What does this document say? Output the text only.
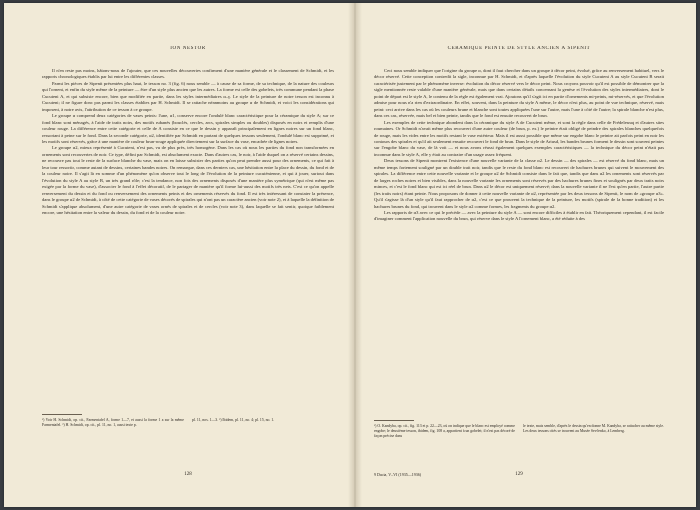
ION NESTOR

Il n'en reste pas moins, hâtons-nous de l'ajouter, que ces nouvelles découvertes confirment d'une manière générale et le classement de Schmidt, et les rapports chronologiques établis par lui entre les différentes classes.

Parmi les pièces de Sipenit présentées plus haut, le tesson no. 3 (fig. 6) nous semble — à cause de sa forme, de sa technique, de la nature des couleurs qui l'ornent, et enfin du style même de la peinture — être d'un style plus ancien que les autres. La forme est celle des gobelets, très commune pendant la phase Cucuteni A, et qui subsiste encore, bien que modifiée en partie, dans les styles intermédiaires α–γ. Le style de la peinture de notre tesson est inconnu à Cucuteni; il ne figure donc pas parmi les classes établies par H. Schmidt. Il se rattache néanmoins au groupe α de Schmidt, et voici les considérations qui imposent, à notre avis, l'attribution de ce tesson à ce groupe.

Le groupe α comprend deux catégories de vases peints: l'une, α1, conserve encore l'ondulé blanc caractéristique pour la céramique du style A; sur ce fond blanc sont ménagés, à l'aide de traits noirs, des motifs rubanés (bouclés, cercles, arcs, spirales simples ou doubles) disposés en noirs et remplis d'une couleur rouge. La différence entre cette catégorie et celle de A consiste en ce que le dessin y apparaît principalement en lignes noires sur un fond blanc, ressortant à peine sur le fond. Dans la seconde catégorie, α2, identifiée par Schmidt en partant de quelques tessons seulement, l'ondulé blanc est supprimé, et les motifs sont réservés, grâce à une manière de couleur brun-rouge appliquée directement sur la surface du vase, encadrée de lignes noires.

Le groupe α2, mieux représenté à Cucuteni, n'est pas, vu de plus près, très homogène. Dans les cas où nous les parties du fond non transformées en ornements sont recouvertes de noir. Ce type, défini par Schmidt, est absolument exacte. Dans d'autres cas, le noir, à l'aide duquel on a réservé certains dessins, ne recouvre pas tout le reste de la surface blanche du vase, mais on en laisse subsister des parties qu'on peut prendre aussi pour des ornements, ce qui fait à leur tour ressortir, comme autant de dessins, certaines bandes noires. On remarque, dans ces derniers cas, une hésitation entre la place du dessin, du fond et de la couleur noire. Il s'agit là en somme d'un phénomène qu'on observe tout le long de l'évolution de la peinture cucuténienne, et qui à jouer, surtout dans l'évolution du style A au style B, un très grand rôle; c'est la tendance, non fois des ornements disposés d'une manière plus symétrique (qui n'est même pas exigée par la forme du vase), d'associer le fond à l'effet décoratif, de le partager de manière qu'il forme lui-aussi des motifs très nets. C'est ce qu'on appelle renversement du dessin et du fond ou renversement des ornements peints et des ornements réservés du fond. Il est très intéressant de constater la présence, dans le groupe α2 de Schmidt, à côté de cette catégorie de vases décorés de spirales qui n'ont pas un caractère ancien (voir note 2), et à laquelle la définition de Schmidt s'applique absolument, d'une autre catégorie de vases ornés de spirales et de cercles (voir note 3), dans laquelle se fait sentir, quoique faiblement encore, une hésitation entre la valeur du dessin, du fond et de la couleur noire.

¹) Voir H. Schmidt, op. cit., Farmentafel A, forme 1—7, et aussi la forme 1 a sur la même Farmentafel. ²) H. Schmidt, op. cit., pl. 11, no. 1, aussi texte p.

pl. 11, nos. 1—3. ³) Ibidem, pl. 11, no. 4; pl. 15, no. 1.

128
CÉRAMIQUE PEINTE DE STYLE ANCIEN À SIPENIT

Ceci nous semble indiquer que l'origine du groupe α, dont il faut chercher dans un groupe à décor peint, évolué, grâce au renversement habituel, vers le décor réservé. Cette conception contredit la sigle, inconnue par H. Schmidt, et d'après laquelle l'évolution du style Cucuteni A au style Cucuteni B serait caractérisée justement par le phénomène inverse: évolution du décor réservé vers le décor peint. Nous croyons pouvoir qu'il est possible de démontrer que la sigle mentionnée reste valable d'une manière générale, mais que dans certains détails concernant la genèse et l'évolution des styles intermédiaires, dont le point de départ est le style A, le contenu de la règle est également vrai. Ajoutons qu'il s'agit ici en partie d'ornements mi-peints, mi-réservés, et que l'évolution admise pour nous n'a rien d'extraordinaire. En effet, souvent, dans la peinture du style A même, le décor n'est plus, au point de vue technique, réservé, mais peint: ceci arrive dans les cas où les couleurs brune et blanche sont toutes appliquées l'une sur l'autre, mais l'une à côté de l'autre; la spirale blanche n'est plus, dans ces cas, réservée, mais bel et bien peinte, tandis que le fond est ensuite recouvert de brun.

Les exemples de cette technique abondent dans la céramique du style A de Cucuteni même, et sont la règle dans celle de Frédelesnaţ et d'autres sites roumaines. Or Schmidt n'avait même plus recouvert d'une autre couleur (de brun, p. ex.) le peintre était obligé de peindre des spirales blanches quelquefois de rouge, mais les vides entre les motifs restant le vase extérieur. Mais il est aussi possible que même sur engobe blanc le peintre ait parfois peint en noir les contours des spirales et qu'il ait seulement ensuite recouvert le fond de brun. Dans le style de Ariusd, les bandes brunes forment le dessin sont souvent peintes sur l'engobe blanc du vase, de là voit — et nous avons réussi également quelques exemples caractéristiques — la technique du décor peint n'était pas inconnue dans le style A, elle y était au contraire d'un usage assez fréquent.

Deux tessons de Sipenit montrent l'existence d'une nouvelle variante de la classe α2. Le dessin — des spirales — est réservé du fond blanc, mais un même temps fortement souligné par un double trait noir, tandis que le reste du fond blanc est recouvert de hachures brunes qui suivent le mouvement des spirales. La différence entre cette nouvelle variante et le groupe α2 de Schmidt consiste dans le fait que, tandis que dans α2 les ornements sont réservés par de larges roches noires et bien visibles, dans la nouvelle variante les ornements sont réservés par des hachures brunes fines et soulignés par deux traits noirs minces, et c'est le fond blanc qui est ici réel de brun. Dans α2 le décor est uniquement réservé; dans la nouvelle variante il ne l'est qu'en partie, l'autre partie (les traits noirs) étant peinte. Nous proposons de donner à cette nouvelle variante de α2, représentée par les deux tessons de Sipenit, le nom de «groupe α3». Qu'il s'agisse là d'un style qu'il faut rapprocher de α2, c'est ce que prouvent la technique de la peinture, les motifs (spirale de la bonne tradition) et les hachures brunes du fond, qui trouvent dans le style α2 comme formes, les fragments du groupe α2.

Les rapports de α3 avec ce qui le précède — avec la peinture du style A — sont encore difficiles à établir en fait. Théoriquement cependant, il est facile d'imaginer comment l'application nouvelle du brun, qui réserve dans le style A l'ornement blanc, a été réduite à des

¹) O. Kandyba, op. cit., fig. 113 et p. 22—23, où on indique que le blanc est employé comme engobe; le deuxième tesson, ibidem, fig. 108 a, appartient à un gobelet; il n'est pas décoré de façon précise dans

le texte, mais semble, d'après le dessin qu'en donne M. Kandyba, se rattacher au même style. Les deux tessons cités se trouvent au Musée Sevčenko, à Lemberg.

9 Dacia, V–VI (1935—1936)	129
